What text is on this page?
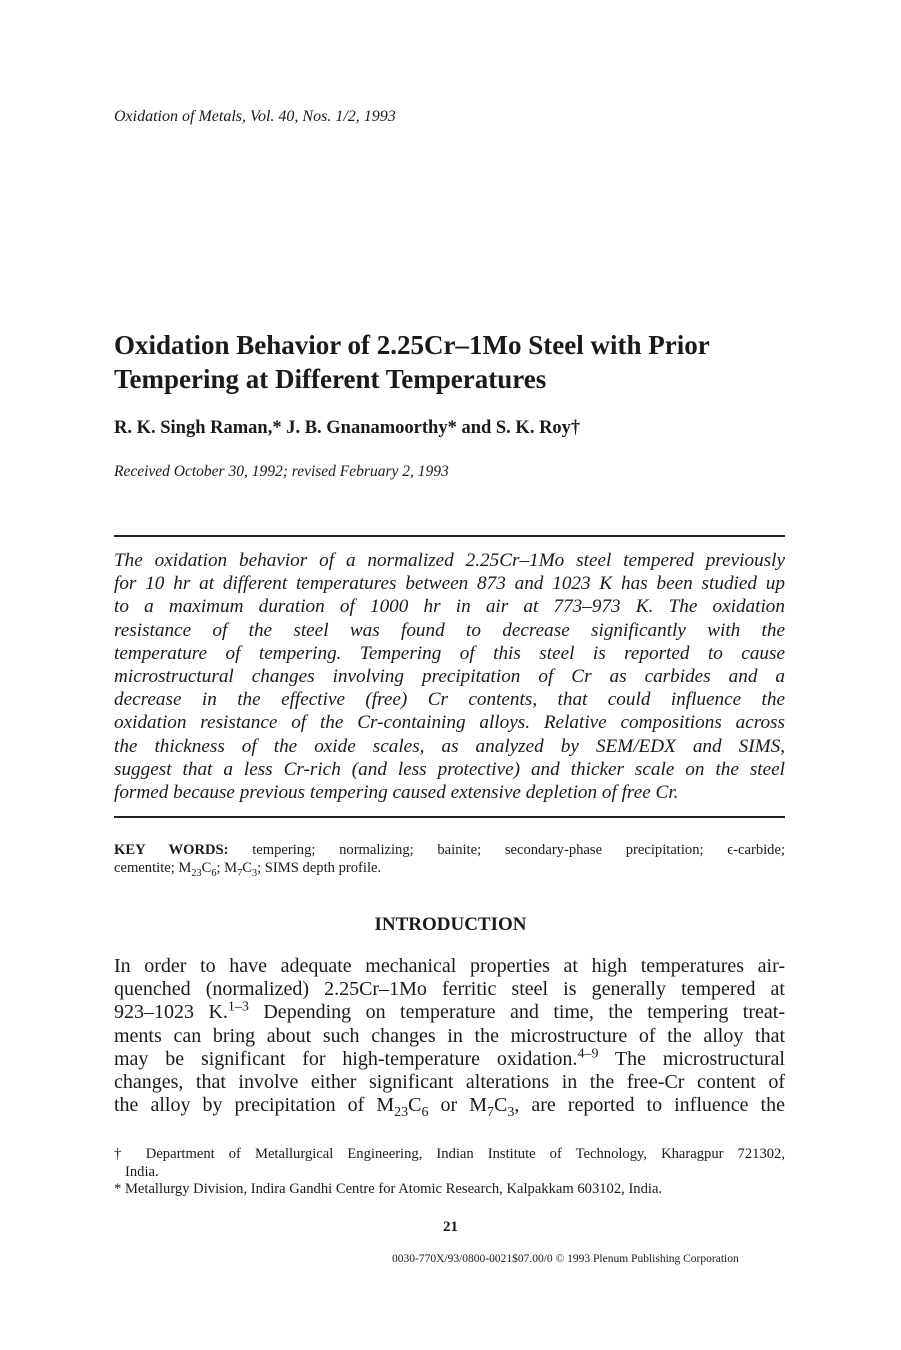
Oxidation of Metals, Vol. 40, Nos. 1/2, 1993

Oxidation Behavior of 2.25Cr–1Mo Steel with Prior
Tempering at Different Temperatures

R. K. Singh Raman,* J. B. Gnanamoorthy* and S. K. Roy†

Received October 30, 1992; revised February 2, 1993

The oxidation behavior of a normalized 2.25Cr–1Mo steel tempered previously
for 10 hr at different temperatures between 873 and 1023 K has been studied up
to a maximum duration of 1000 hr in air at 773–973 K. The oxidation
resistance of the steel was found to decrease significantly with the
temperature of tempering. Tempering of this steel is reported to cause
microstructural changes involving precipitation of Cr as carbides and a
decrease in the effective (free) Cr contents, that could influence the
oxidation resistance of the Cr-containing alloys. Relative compositions across
the thickness of the oxide scales, as analyzed by SEM/EDX and SIMS,
suggest that a less Cr-rich (and less protective) and thicker scale on the steel
formed because previous tempering caused extensive depletion of free Cr.
KEY WORDS: tempering; normalizing; bainite; secondary-phase precipitation; ϵ-carbide;
cementite; $M_{23}C_6$; $M_7C_3$; SIMS depth profile.

INTRODUCTION

In order to have adequate mechanical properties at high temperatures air-
quenched (normalized) 2.25Cr–1Mo ferritic steel is generally tempered at
923–1023 K.$^{1-3}$ Depending on temperature and time, the tempering treat-
ments can bring about such changes in the microstructure of the alloy that
may be significant for high-temperature oxidation.$^{4-9}$ The microstructural
changes, that involve either significant alterations in the free-Cr content of
the alloy by precipitation of $M_{23}C_6$ or $M_7C_3$, are reported to influence the
† Department of Metallurgical Engineering, Indian Institute of Technology, Kharagpur 721302,
India.
* Metallurgy Division, Indira Gandhi Centre for Atomic Research, Kalpakkam 603102, India.

21

0030-770X/93/0800-0021$07.00/0 © 1993 Plenum Publishing Corporation
